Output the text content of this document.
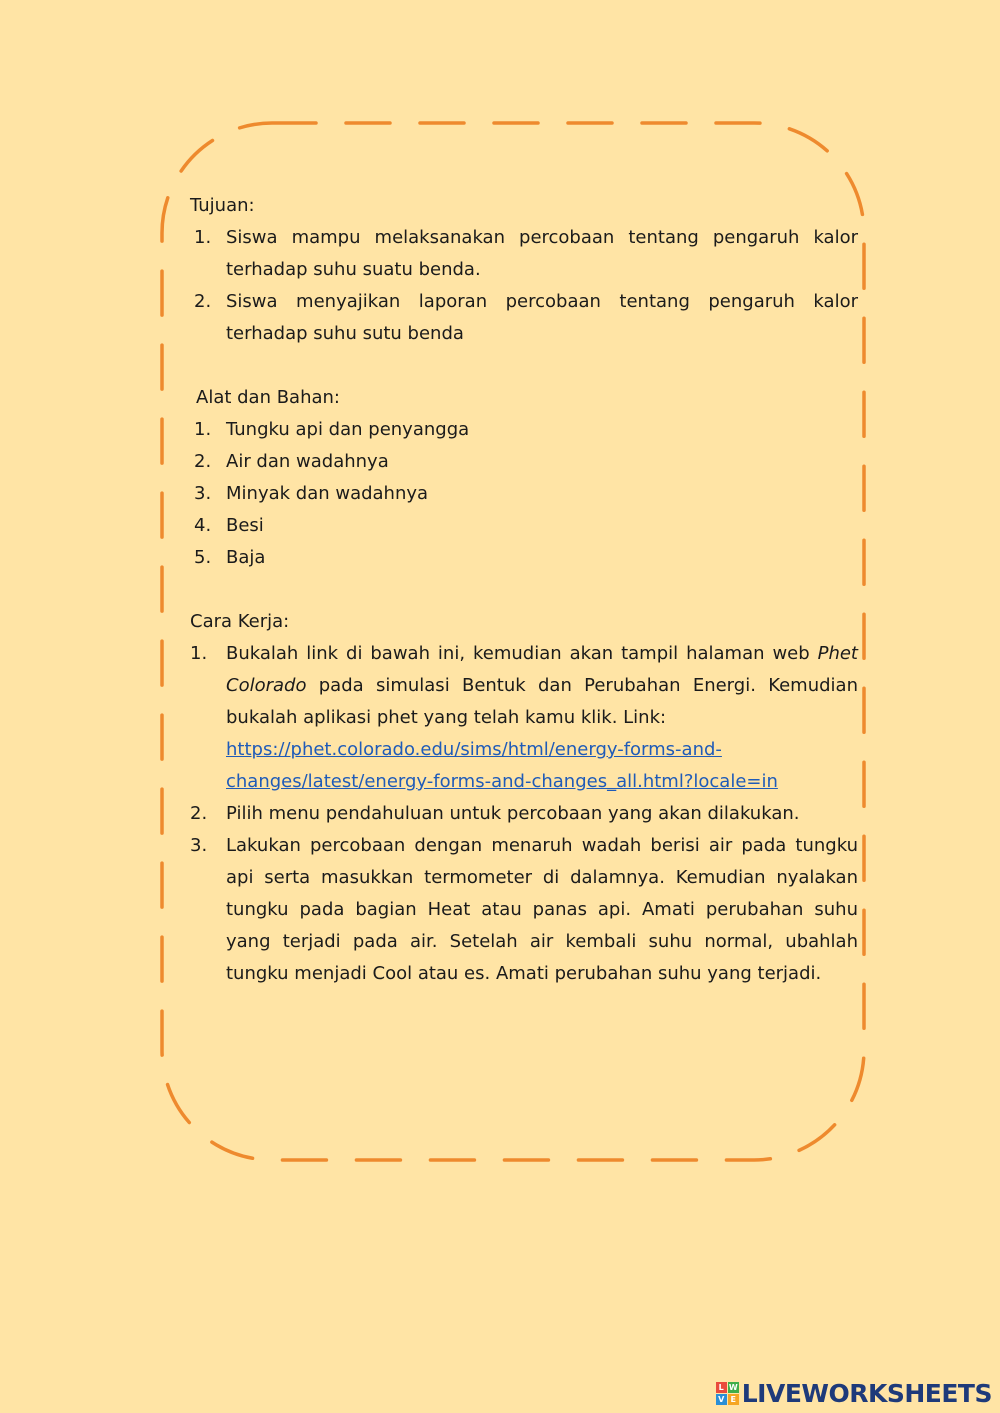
Tujuan:
1. Siswa mampu melaksanakan percobaan tentang pengaruh kalor terhadap suhu suatu benda.
2. Siswa menyajikan laporan percobaan tentang pengaruh kalor terhadap suhu sutu benda
Alat dan Bahan:
1. Tungku api dan penyangga
2. Air dan wadahnya
3. Minyak dan wadahnya
4. Besi
5. Baja
Cara Kerja:
1. Bukalah link di bawah ini, kemudian akan tampil halaman web Phet Colorado pada simulasi Bentuk dan Perubahan Energi. Kemudian bukalah aplikasi phet yang telah kamu klik. Link:
https://phet.colorado.edu/sims/html/energy-forms-and-
changes/latest/energy-forms-and-changes_all.html?locale=in
2. Pilih menu pendahuluan untuk percobaan yang akan dilakukan.
3. Lakukan percobaan dengan menaruh wadah berisi air pada tungku api serta masukkan termometer di dalamnya. Kemudian nyalakan tungku pada bagian Heat atau panas api. Amati perubahan suhu yang terjadi pada air. Setelah air kembali suhu normal, ubahlah tungku menjadi Cool atau es. Amati perubahan suhu yang terjadi.
L W
V E LIVEWORKSHEETS
